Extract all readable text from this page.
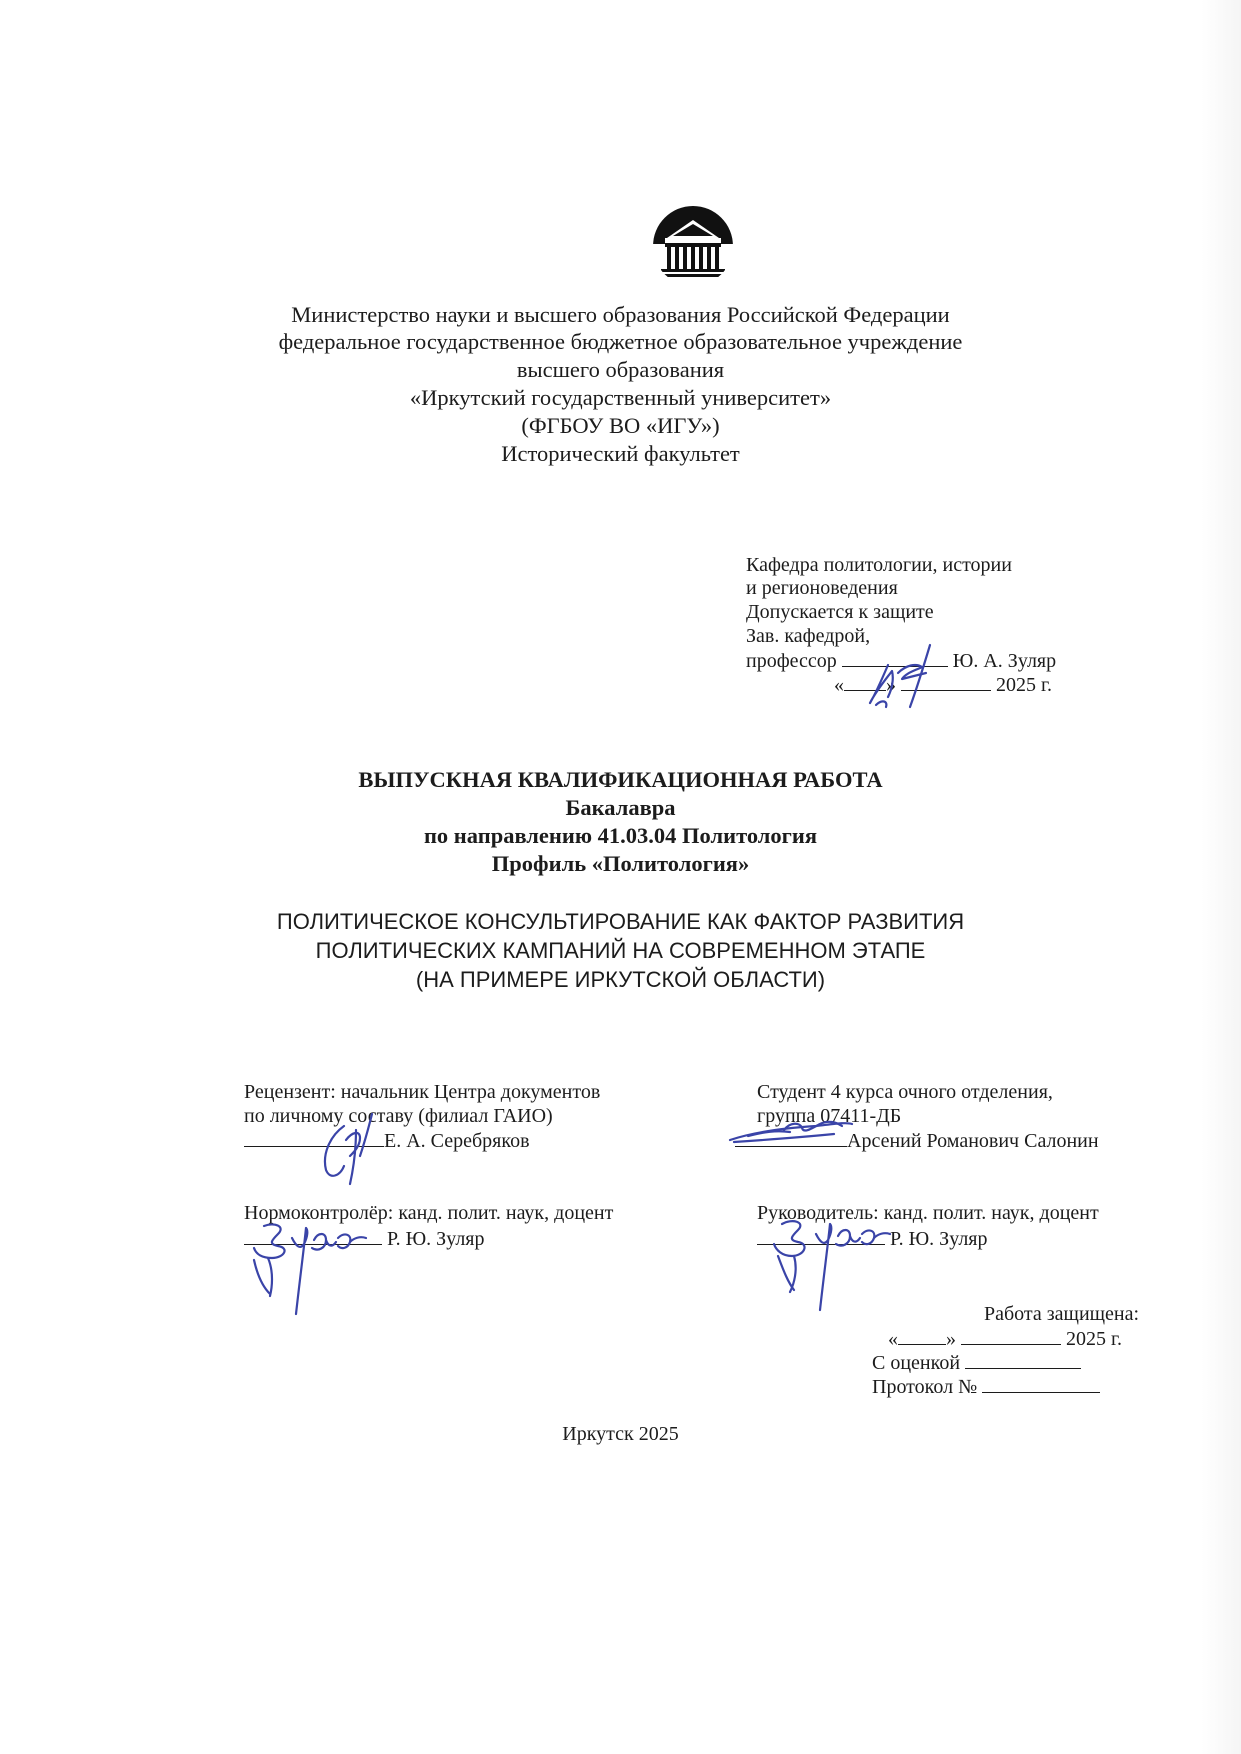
Министерство науки и высшего образования Российской Федерации
федеральное государственное бюджетное образовательное учреждение
высшего образования
«Иркутский государственный университет»
(ФГБОУ ВО «ИГУ»)
Исторический факультет
Кафедра политологии, истории
и регионоведения
Допускается к защите
Зав. кафедрой,
профессор	Ю. А. Зуляр
« »	2025 г.
ВЫПУСКНАЯ КВАЛИФИКАЦИОННАЯ РАБОТА
Бакалавра
по направлению 41.03.04 Политология
Профиль «Политология»
ПОЛИТИЧЕСКОЕ КОНСУЛЬТИРОВАНИЕ КАК ФАКТОР РАЗВИТИЯ
ПОЛИТИЧЕСКИХ КАМПАНИЙ НА СОВРЕМЕННОМ ЭТАПЕ
(НА ПРИМЕРЕ ИРКУТСКОЙ ОБЛАСТИ)
Рецензент: начальник Центра документов
по личному составу (филиал ГАИО)
Е. А. Серебряков
Студент 4 курса очного отделения,
группа 07411-ДБ
Арсений Романович Салонин
Нормоконтролёр: канд. полит. наук, доцент
Р. Ю. Зуляр
Руководитель: канд. полит. наук, доцент
Р. Ю. Зуляр
Работа защищена:
« »	2025 г.
С оценкой
Протокол №
Иркутск 2025
